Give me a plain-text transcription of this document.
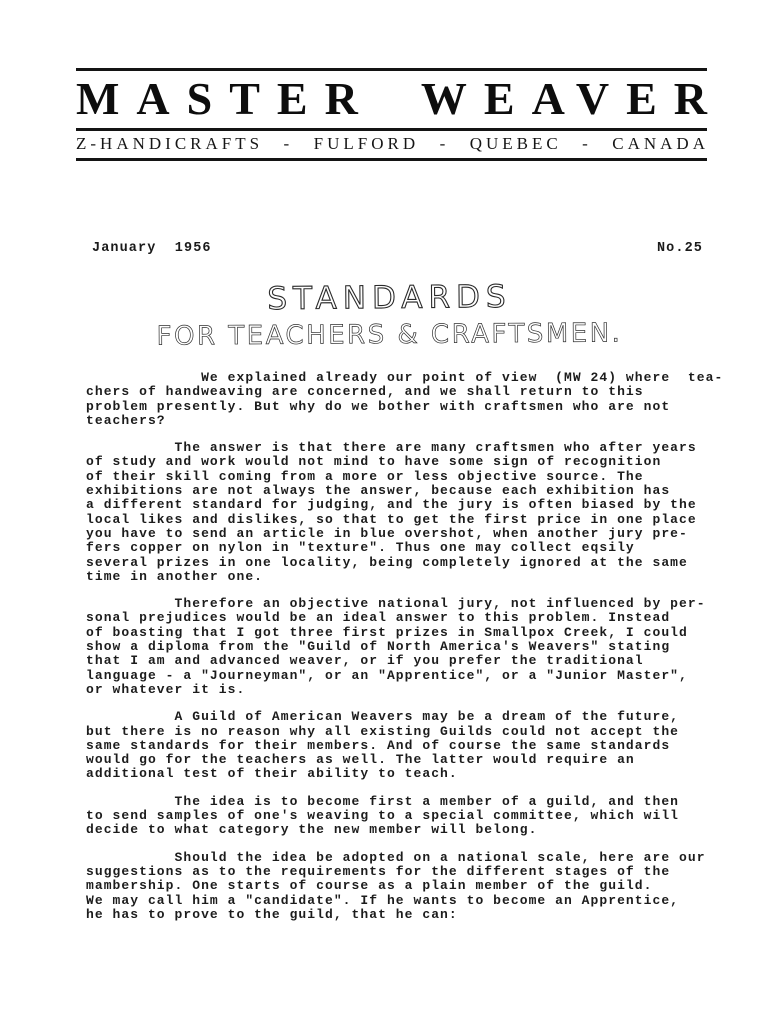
MASTER WEAVER
Z-HANDICRAFTS - FULFORD - QUEBEC - CANADA
January  1956	No.25
STANDARDS
FOR TEACHERS & CRAFTSMEN.
We explained already our point of view  (MW 24) where  tea-
chers of handweaving are concerned, and we shall return to this
problem presently. But why do we bother with craftsmen who are not
teachers?
The answer is that there are many craftsmen who after years
of study and work would not mind to have some sign of recognition
of their skill coming from a more or less objective source. The
exhibitions are not always the answer, because each exhibition has
a different standard for judging, and the jury is often biased by the
local likes and dislikes, so that to get the first price in one place
you have to send an article in blue overshot, when another jury pre-
fers copper on nylon in "texture". Thus one may collect eqsily
several prizes in one locality, being completely ignored at the same
time in another one.
Therefore an objective national jury, not influenced by per-
sonal prejudices would be an ideal answer to this problem. Instead
of boasting that I got three first prizes in Smallpox Creek, I could
show a diploma from the "Guild of North America's Weavers" stating
that I am and advanced weaver, or if you prefer the traditional
language - a "Journeyman", or an "Apprentice", or a "Junior Master",
or whatever it is.
A Guild of American Weavers may be a dream of the future,
but there is no reason why all existing Guilds could not accept the
same standards for their members. And of course the same standards
would go for the teachers as well. The latter would require an
additional test of their ability to teach.
The idea is to become first a member of a guild, and then
to send samples of one's weaving to a special committee, which will
decide to what category the new member will belong.
Should the idea be adopted on a national scale, here are our
suggestions as to the requirements for the different stages of the
mambership. One starts of course as a plain member of the guild.
We may call him a "candidate". If he wants to become an Apprentice,
he has to prove to the guild, that he can:
